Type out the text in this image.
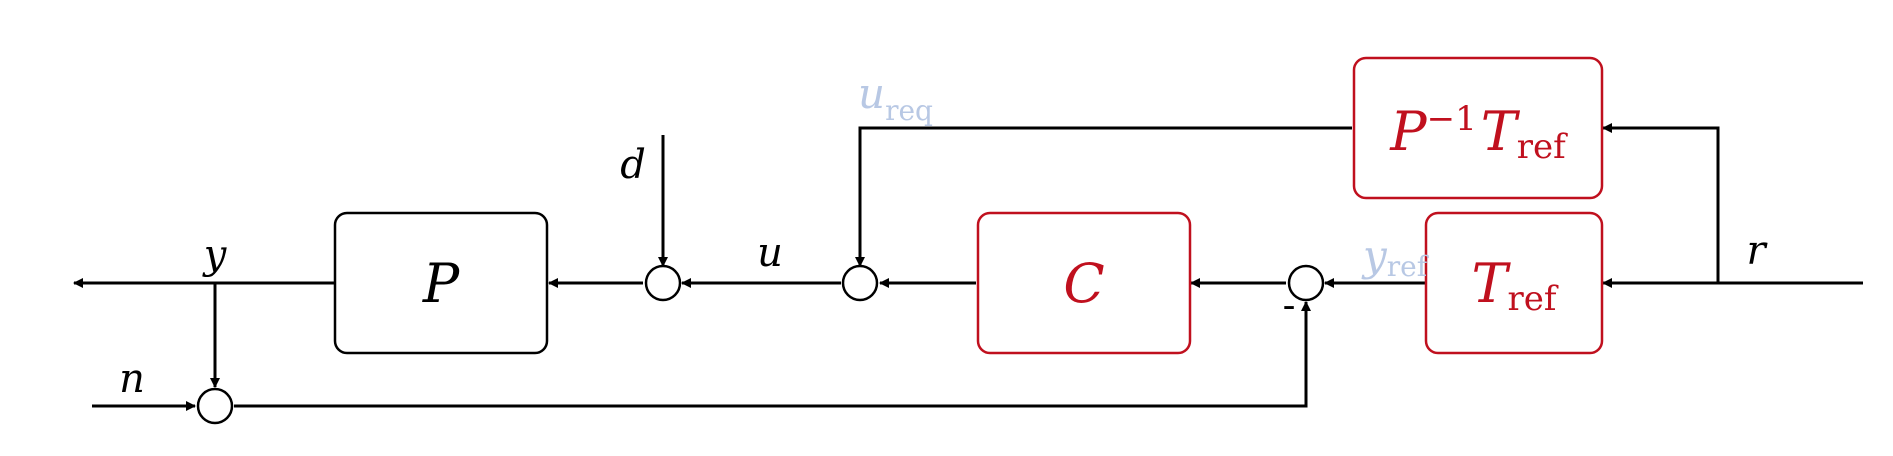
P	C
$P^{-1}Tref$
Tref
y
d
u
n
r
$u_{req}$
yref
-
